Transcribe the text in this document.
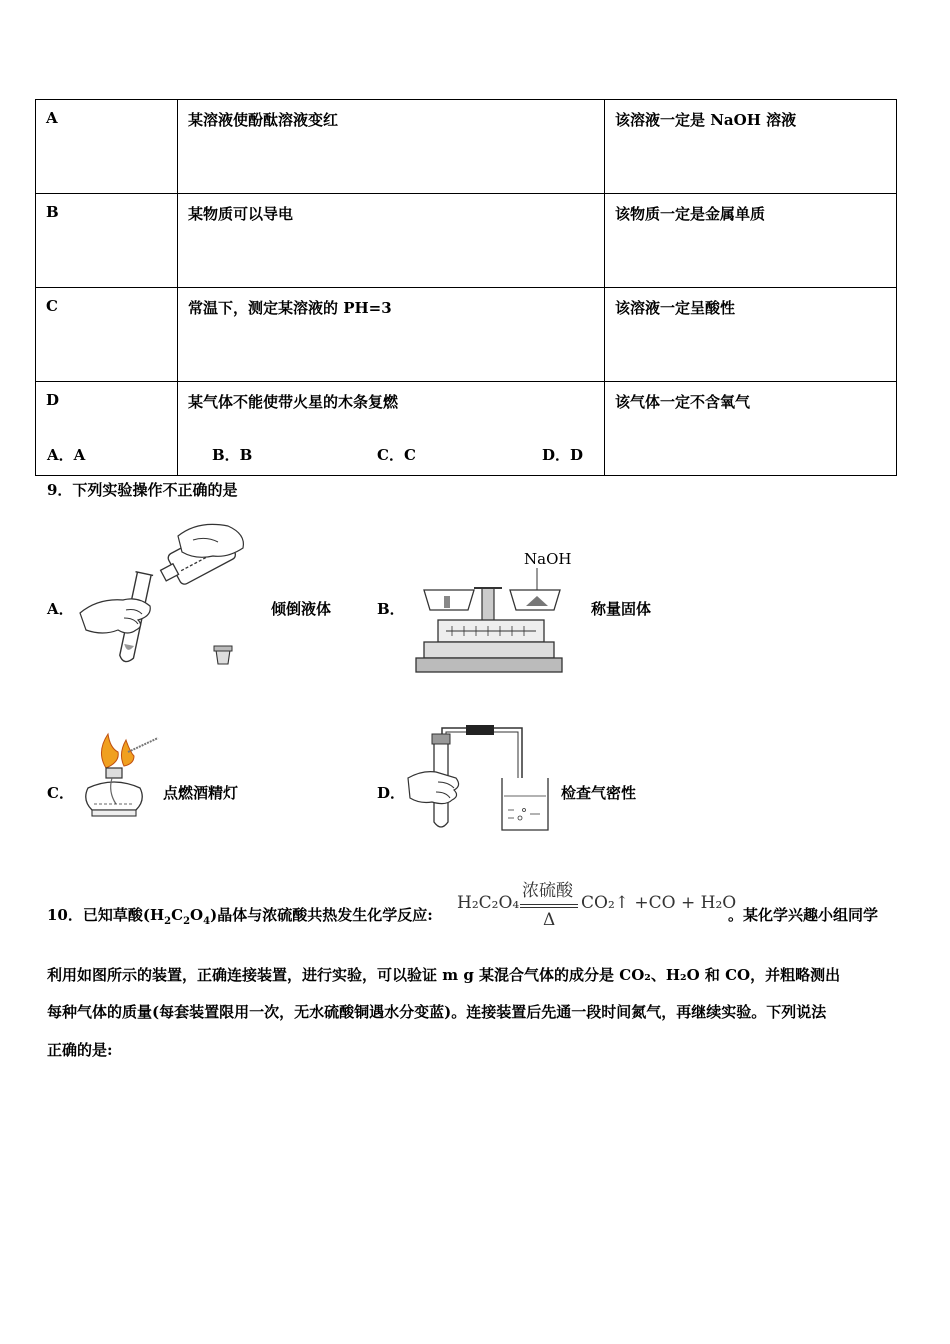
A	某溶液使酚酞溶液变红	该溶液一定是 NaOH 溶液
B	某物质可以导电	该物质一定是金属单质
C	常温下，测定某溶液的 PH=3	该溶液一定呈酸性
D	某气体不能使带火星的木条复燃	该气体一定不含氧气
A．A	B．B	C．C	D．D
9．下列实验操作不正确的是
A．	倾倒液体	B．
NaOH
称量固体
C．	点燃酒精灯	D．	检查气密性
10．已知草酸$(H_2C_2O_4)$晶体与浓硫酸共热发生化学反应:
H₂C₂O₄
浓硫酸
Δ
CO₂↑ +CO + H₂O
。某化学兴趣小组同学
利用如图所示的装置，正确连接装置，进行实验，可以验证 m g 某混合气体的成分是 CO₂、H₂O 和 CO，并粗略测出
每种气体的质量(每套装置限用一次，无水硫酸铜遇水分变蓝)。连接装置后先通一段时间氮气，再继续实验。下列说法
正确的是:
